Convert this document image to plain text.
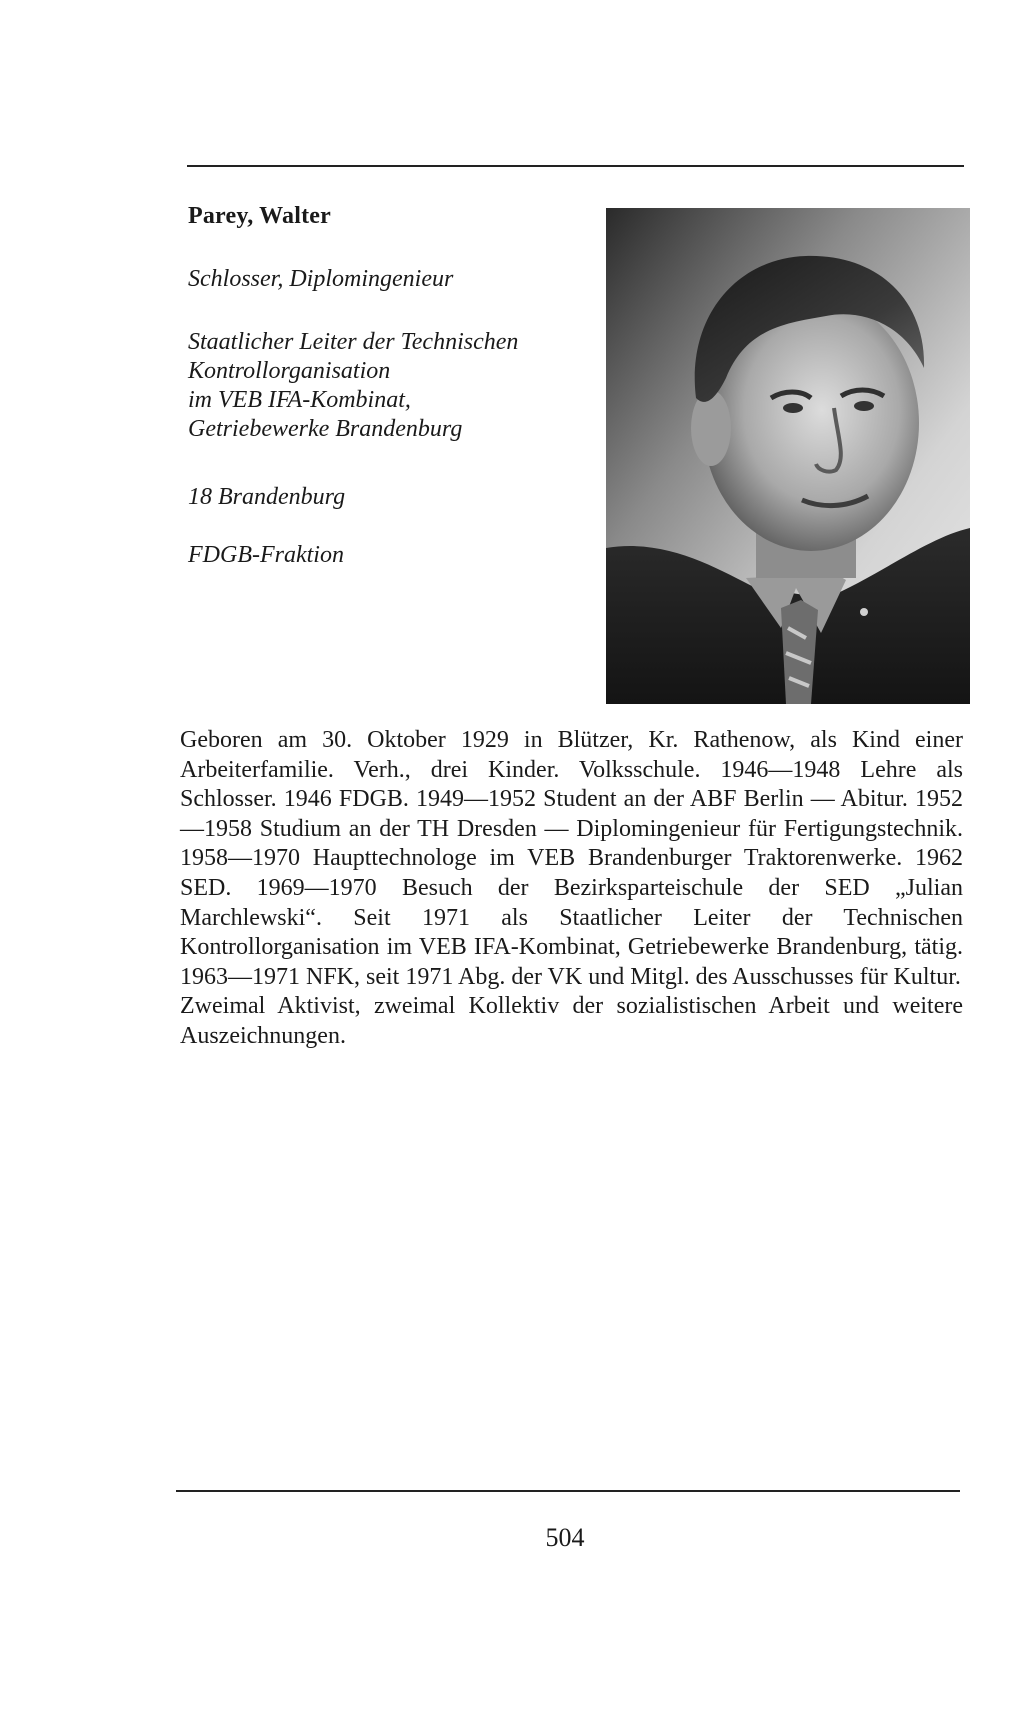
Parey, Walter
Schlosser, Diplomingenieur
Staatlicher Leiter der Technischen
Kontrollorganisation
im VEB IFA-Kombinat,
Getriebewerke Brandenburg
18 Brandenburg
FDGB-Fraktion

Geboren am 30. Oktober 1929 in Blützer, Kr. Rathenow, als Kind einer Arbeiterfamilie. Verh., drei Kinder. Volksschule. 1946—1948 Lehre als Schlosser. 1946 FDGB. 1949—1952 Student an der ABF Berlin — Abitur. 1952—1958 Studium an der TH Dresden — Diplomingenieur für Fertigungstechnik. 1958—1970 Haupttechnologe im VEB Brandenburger Traktorenwerke. 1962 SED. 1969—1970 Besuch der Bezirksparteischule der SED „Julian Marchlewski“. Seit 1971 als Staatlicher Leiter der Technischen Kontrollorganisation im VEB IFA-Kombinat, Getriebewerke Brandenburg, tätig. 1963—1971 NFK, seit 1971 Abg. der VK und Mitgl. des Ausschusses für Kultur.

Zweimal Aktivist, zweimal Kollektiv der sozialistischen Arbeit und weitere Auszeichnungen.

504
